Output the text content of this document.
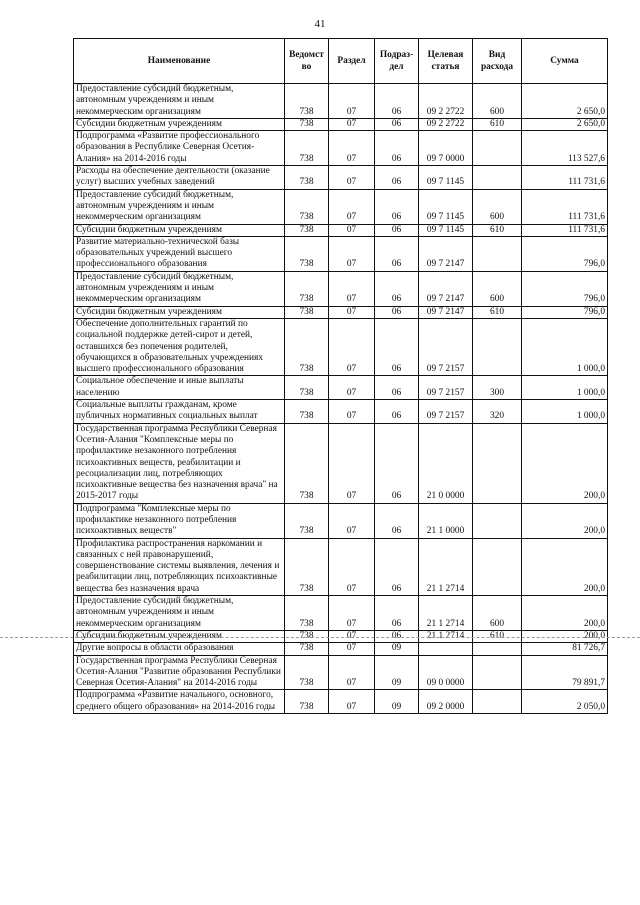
41
Наименование	Ведомст во	Раздел	Подраз- дел	Целевая статья	Вид расхода	Сумма
Предоставление субсидий бюджетным, автономным учреждениям и иным некоммерческим организациям	738	07	06	09 2 2722	600	2 650,0
Субсидии бюджетным учреждениям	738	07	06	09 2 2722	610	2 650,0
Подпрограмма «Развитие профессионального образования в Республике Северная Осетия-Алания» на 2014-2016 годы	738	07	06	09 7 0000		113 527,6
Расходы на обеспечение деятельности (оказание услуг) высших учебных заведений	738	07	06	09 7 1145		111 731,6
Предоставление субсидий бюджетным, автономным учреждениям и иным некоммерческим организациям	738	07	06	09 7 1145	600	111 731,6
Субсидии бюджетным учреждениям	738	07	06	09 7 1145	610	111 731,6
Развитие материально-технической базы образовательных учреждений высшего профессионального образования	738	07	06	09 7 2147		796,0
Предоставление субсидий бюджетным, автономным учреждениям и иным некоммерческим организациям	738	07	06	09 7 2147	600	796,0
Субсидии бюджетным учреждениям	738	07	06	09 7 2147	610	796,0
Обеспечение дополнительных гарантий по социальной поддержке детей-сирот и детей, оставшихся без попечения родителей, обучающихся в образовательных учреждениях высшего профессионального образования	738	07	06	09 7 2157		1 000,0
Социальное обеспечение и иные выплаты населению	738	07	06	09 7 2157	300	1 000,0
Социальные выплаты гражданам, кроме публичных нормативных социальных выплат	738	07	06	09 7 2157	320	1 000,0
Государственная программа Республики Северная Осетия-Алания "Комплексные меры по профилактике незаконного потребления психоактивных веществ, реабилитации и ресоциализации лиц, потребляющих психоактивные вещества без назначения врача" на 2015-2017 годы	738	07	06	21 0 0000		200,0
Подпрограмма "Комплексные меры по профилактике незаконного потребления психоактивных веществ"	738	07	06	21 1 0000		200,0
Профилактика распространения наркомании и связанных с ней правонарушений, совершенствование системы выявления, лечения и реабилитации лиц, потребляющих психоактивные вещества без назначения врача	738	07	06	21 1 2714		200,0
Предоставление субсидий бюджетным, автономным учреждениям и иным некоммерческим организациям	738	07	06	21 1 2714	600	200,0
Субсидии бюджетным учреждениям	738	07	06	21 1 2714	610	200,0
Другие вопросы в области образования	738	07	09			81 726,7
Государственная программа Республики Северная Осетия-Алания "Развитие образования Республики Северная Осетия-Алания" на 2014-2016 годы	738	07	09	09 0 0000		79 891,7
Подпрограмма «Развитие начального, основного, среднего общего образования» на 2014-2016 годы	738	07	09	09 2 0000		2 050,0
